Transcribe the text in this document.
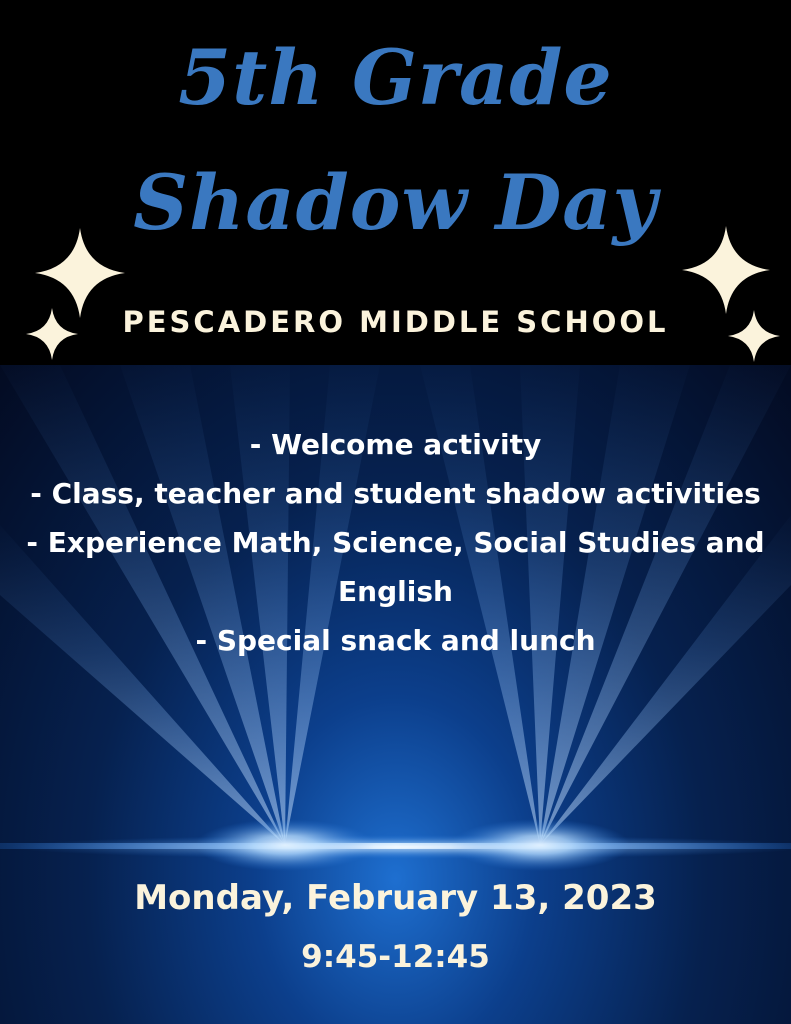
5th Grade
Shadow Day
PESCADERO MIDDLE SCHOOL
- Welcome activity
- Class, teacher and student shadow activities
- Experience Math, Science, Social Studies and English
- Special snack and lunch
Monday, February 13, 2023
9:45-12:45
